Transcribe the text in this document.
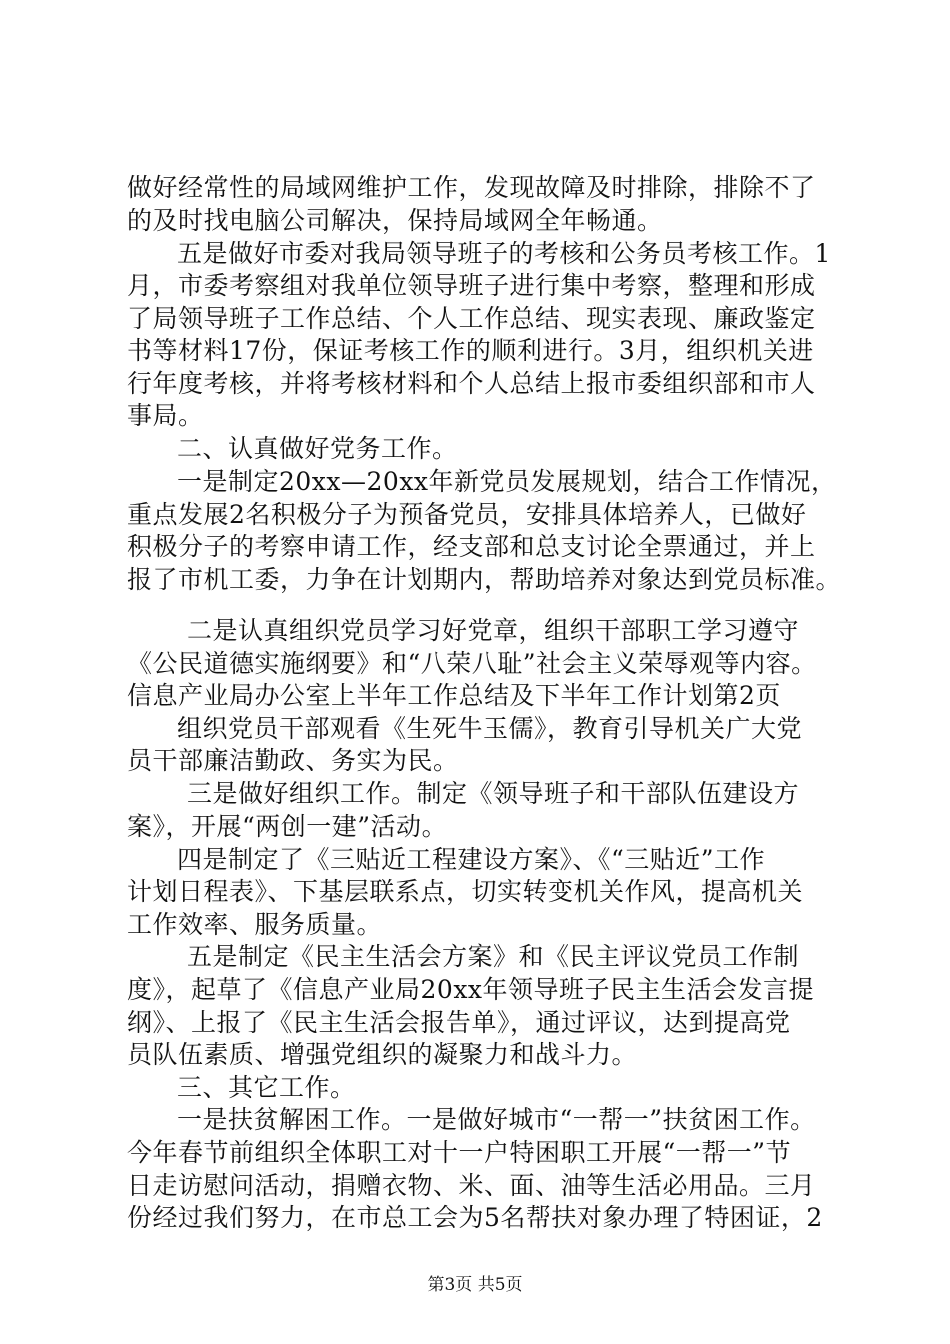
做好经常性的局域网维护工作，发现故障及时排除，排除不了
的及时找电脑公司解决，保持局域网全年畅通。
五是做好市委对我局领导班子的考核和公务员考核工作。1
月，市委考察组对我单位领导班子进行集中考察，整理和形成
了局领导班子工作总结、个人工作总结、现实表现、廉政鉴定
书等材料17份，保证考核工作的顺利进行。3月，组织机关进
行年度考核，并将考核材料和个人总结上报市委组织部和市人
事局。
二、认真做好党务工作。
一是制定20xx—20xx年新党员发展规划，结合工作情况，
重点发展2名积极分子为预备党员，安排具体培养人，已做好
积极分子的考察申请工作，经支部和总支讨论全票通过，并上
报了市机工委，力争在计划期内，帮助培养对象达到党员标准。
二是认真组织党员学习好党章，组织干部职工学习遵守
《公民道德实施纲要》和“八荣八耻”社会主义荣辱观等内容。
信息产业局办公室上半年工作总结及下半年工作计划第2页
组织党员干部观看《生死牛玉儒》，教育引导机关广大党
员干部廉洁勤政、务实为民。
三是做好组织工作。制定《领导班子和干部队伍建设方
案》，开展“两创一建”活动。
四是制定了《三贴近工程建设方案》、《“三贴近”工作
计划日程表》、下基层联系点，切实转变机关作风，提高机关
工作效率、服务质量。
五是制定《民主生活会方案》和《民主评议党员工作制
度》，起草了《信息产业局20xx年领导班子民主生活会发言提
纲》、上报了《民主生活会报告单》，通过评议，达到提高党
员队伍素质、增强党组织的凝聚力和战斗力。
三、其它工作。
一是扶贫解困工作。一是做好城市“一帮一”扶贫困工作。
今年春节前组织全体职工对十一户特困职工开展“一帮一”节
日走访慰问活动，捐赠衣物、米、面、油等生活必用品。三月
份经过我们努力，在市总工会为5名帮扶对象办理了特困证，2
第3页 共5页
